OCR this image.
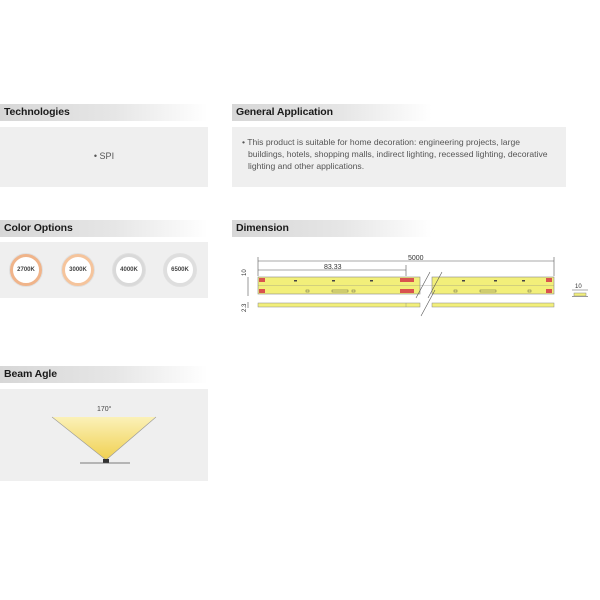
Technologies
• SPI
General Application
• This product is suitable for home decoration: engineering projects, large buildings, hotels, shopping malls, indirect lighting, recessed lighting, decorative lighting and other applications.
Color Options
2700K	3000K	4000K	6500K
Dimension
5000
83.33
10
2.3
10
Beam Agle
170°
